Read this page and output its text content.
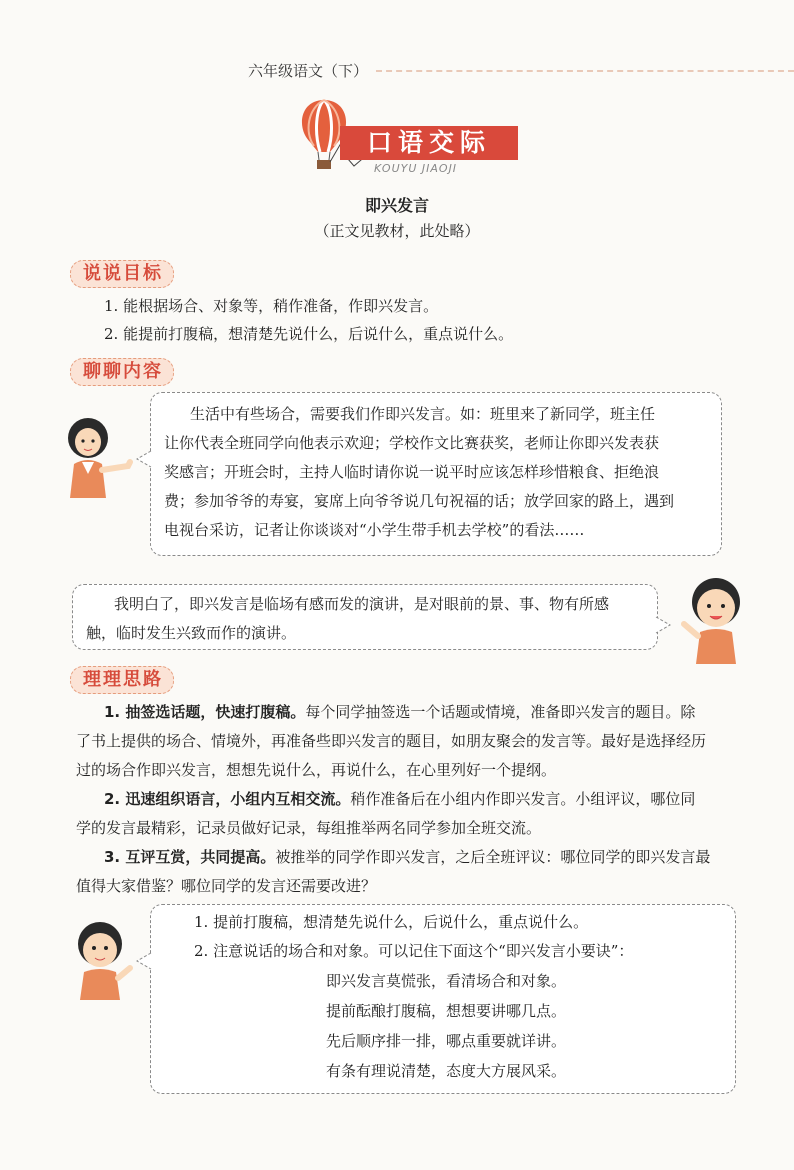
六年级语文（下）
口语交际
KOUYU JIAOJI
即兴发言
（正文见教材，此处略）
说说目标
1. 能根据场合、对象等，稍作准备，作即兴发言。
2. 能提前打腹稿，想清楚先说什么，后说什么，重点说什么。
聊聊内容
生活中有些场合，需要我们作即兴发言。如：班里来了新同学，班主任
让你代表全班同学向他表示欢迎；学校作文比赛获奖，老师让你即兴发表获
奖感言；开班会时，主持人临时请你说一说平时应该怎样珍惜粮食、拒绝浪
费；参加爷爷的寿宴，宴席上向爷爷说几句祝福的话；放学回家的路上，遇到
电视台采访，记者让你谈谈对“小学生带手机去学校”的看法……
我明白了，即兴发言是临场有感而发的演讲，是对眼前的景、事、物有所感
触，临时发生兴致而作的演讲。
理理思路
1. 抽签选话题，快速打腹稿。每个同学抽签选一个话题或情境，准备即兴发言的题目。除
了书上提供的场合、情境外，再准备些即兴发言的题目，如朋友聚会的发言等。最好是选择经历
过的场合作即兴发言，想想先说什么，再说什么，在心里列好一个提纲。
2. 迅速组织语言，小组内互相交流。稍作准备后在小组内作即兴发言。小组评议，哪位同
学的发言最精彩，记录员做好记录，每组推举两名同学参加全班交流。
3. 互评互赏，共同提高。被推举的同学作即兴发言，之后全班评议：哪位同学的即兴发言最
值得大家借鉴？哪位同学的发言还需要改进？
1. 提前打腹稿，想清楚先说什么，后说什么，重点说什么。
2. 注意说话的场合和对象。可以记住下面这个“即兴发言小要诀”：
即兴发言莫慌张，看清场合和对象。
提前酝酿打腹稿，想想要讲哪几点。
先后顺序排一排，哪点重要就详讲。
有条有理说清楚，态度大方展风采。
